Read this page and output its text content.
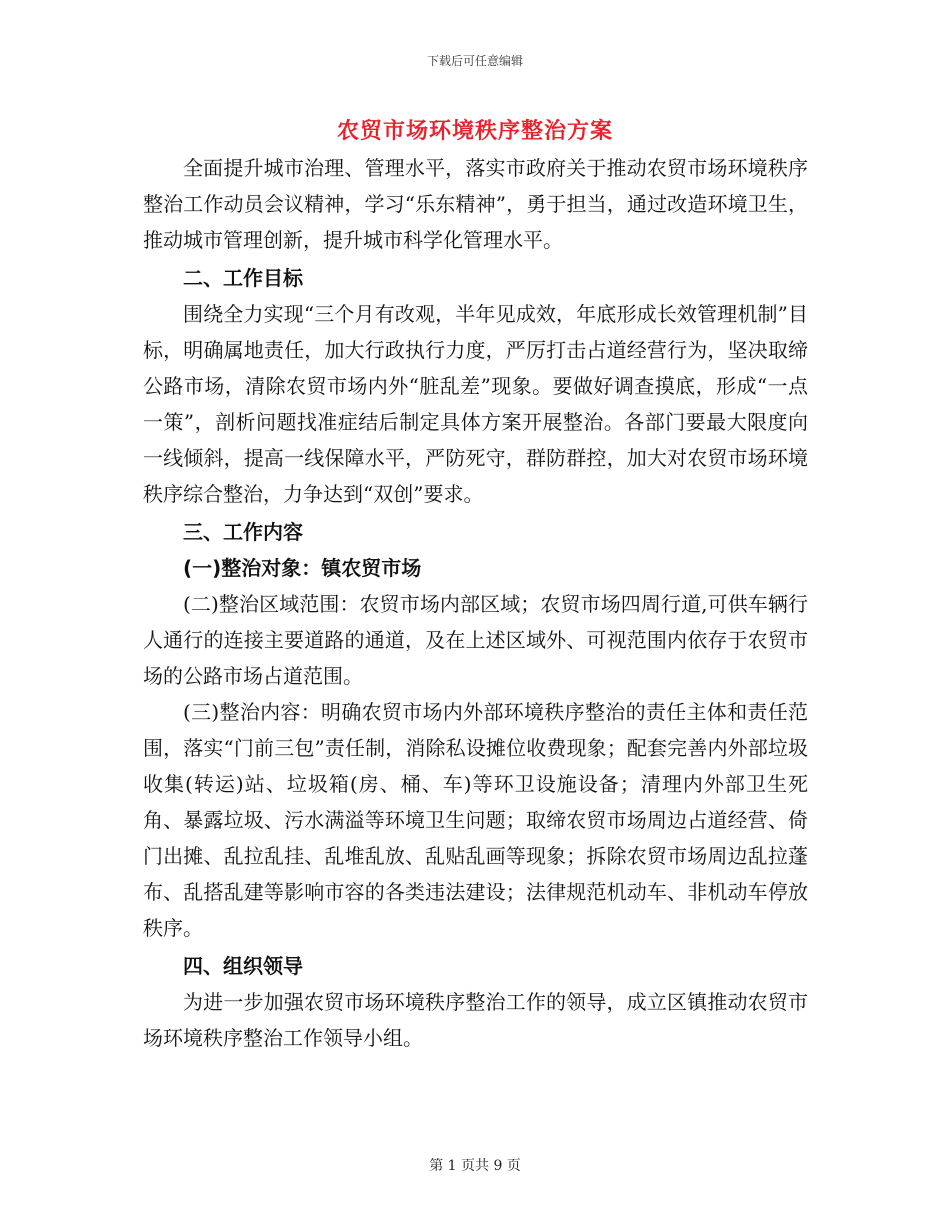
下载后可任意编辑
农贸市场环境秩序整治方案

全面提升城市治理、管理水平，落实市政府关于推动农贸市场环境秩序整治工作动员会议精神，学习“乐东精神”，勇于担当，通过改造环境卫生，推动城市管理创新，提升城市科学化管理水平。

二、工作目标

围绕全力实现“三个月有改观，半年见成效，年底形成长效管理机制”目标，明确属地责任，加大行政执行力度，严厉打击占道经营行为，坚决取缔公路市场，清除农贸市场内外“脏乱差”现象。要做好调查摸底，形成“一点一策”，剖析问题找准症结后制定具体方案开展整治。各部门要最大限度向一线倾斜，提高一线保障水平，严防死守，群防群控，加大对农贸市场环境秩序综合整治，力争达到“双创”要求。

三、工作内容
(一)整治对象：镇农贸市场

(二)整治区域范围：农贸市场内部区域；农贸市场四周行道,可供车辆行人通行的连接主要道路的通道，及在上述区域外、可视范围内依存于农贸市场的公路市场占道范围。

(三)整治内容：明确农贸市场内外部环境秩序整治的责任主体和责任范围，落实“门前三包”责任制，消除私设摊位收费现象；配套完善内外部垃圾收集(转运)站、垃圾箱(房、桶、车)等环卫设施设备；清理内外部卫生死角、暴露垃圾、污水满溢等环境卫生问题；取缔农贸市场周边占道经营、倚门出摊、乱拉乱挂、乱堆乱放、乱贴乱画等现象；拆除农贸市场周边乱拉蓬布、乱搭乱建等影响市容的各类违法建设；法律规范机动车、非机动车停放秩序。

四、组织领导

为进一步加强农贸市场环境秩序整治工作的领导，成立区镇推动农贸市场环境秩序整治工作领导小组。

第 1 页共 9 页
